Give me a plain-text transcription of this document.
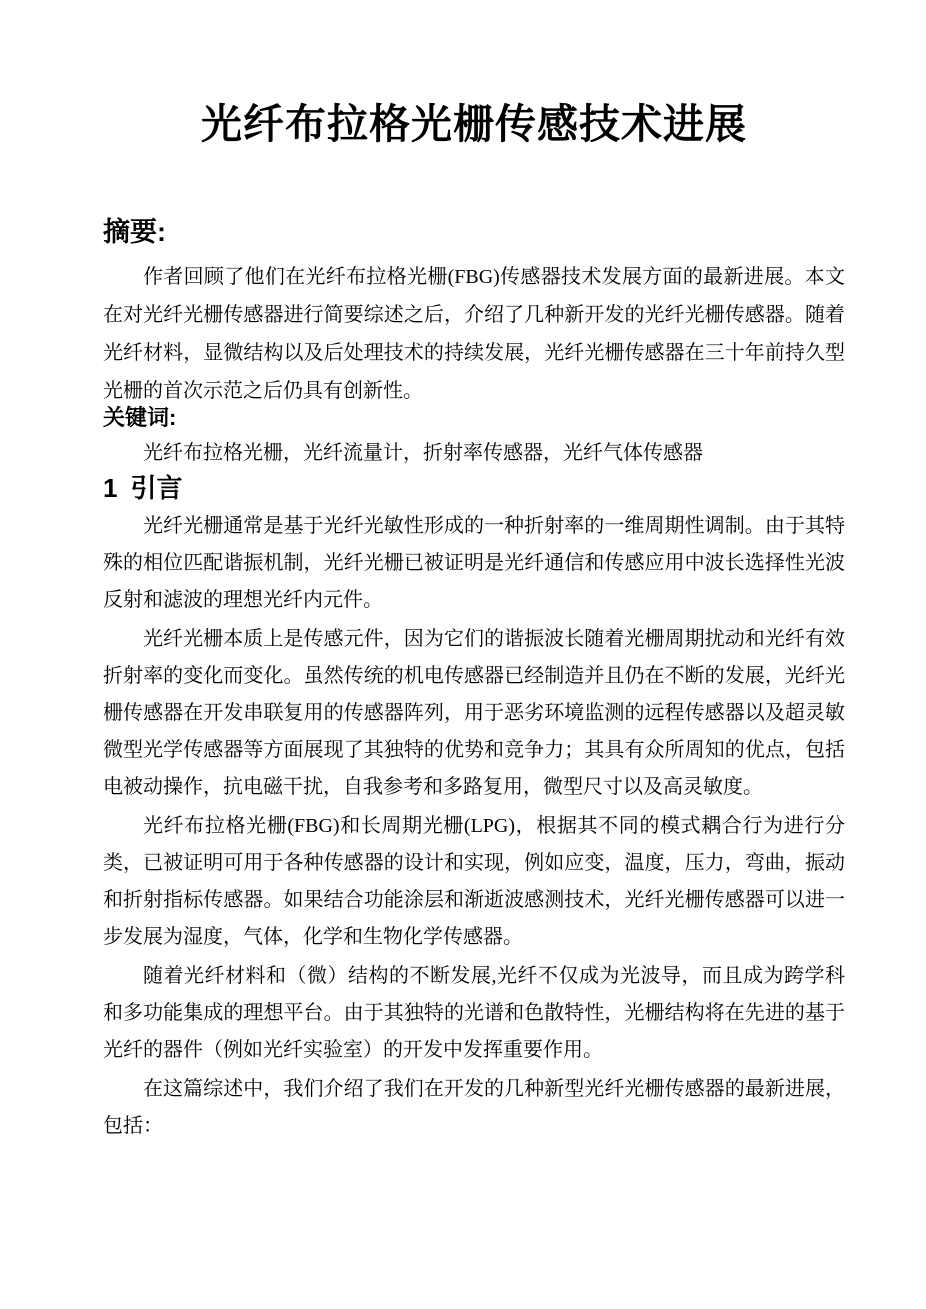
光纤布拉格光栅传感技术进展
摘要:

作者回顾了他们在光纤布拉格光栅(FBG)传感器技术发展方面的最新进展。本文在对光纤光栅传感器进行简要综述之后，介绍了几种新开发的光纤光栅传感器。随着光纤材料，显微结构以及后处理技术的持续发展，光纤光栅传感器在三十年前持久型光栅的首次示范之后仍具有创新性。

关键词:

光纤布拉格光栅，光纤流量计，折射率传感器，光纤气体传感器

1 引言

光纤光栅通常是基于光纤光敏性形成的一种折射率的一维周期性调制。由于其特殊的相位匹配谐振机制，光纤光栅已被证明是光纤通信和传感应用中波长选择性光波反射和滤波的理想光纤内元件。

光纤光栅本质上是传感元件，因为它们的谐振波长随着光栅周期扰动和光纤有效折射率的变化而变化。虽然传统的机电传感器已经制造并且仍在不断的发展，光纤光栅传感器在开发串联复用的传感器阵列，用于恶劣环境监测的远程传感器以及超灵敏微型光学传感器等方面展现了其独特的优势和竞争力；其具有众所周知的优点，包括电被动操作，抗电磁干扰，自我参考和多路复用，微型尺寸以及高灵敏度。

光纤布拉格光栅(FBG)和长周期光栅(LPG)，根据其不同的模式耦合行为进行分类，已被证明可用于各种传感器的设计和实现，例如应变，温度，压力，弯曲，振动和折射指标传感器。如果结合功能涂层和渐逝波感测技术，光纤光栅传感器可以进一步发展为湿度，气体，化学和生物化学传感器。

随着光纤材料和（微）结构的不断发展,光纤不仅成为光波导，而且成为跨学科和多功能集成的理想平台。由于其独特的光谱和色散特性，光栅结构将在先进的基于光纤的器件（例如光纤实验室）的开发中发挥重要作用。

在这篇综述中，我们介绍了我们在开发的几种新型光纤光栅传感器的最新进展，包括：
